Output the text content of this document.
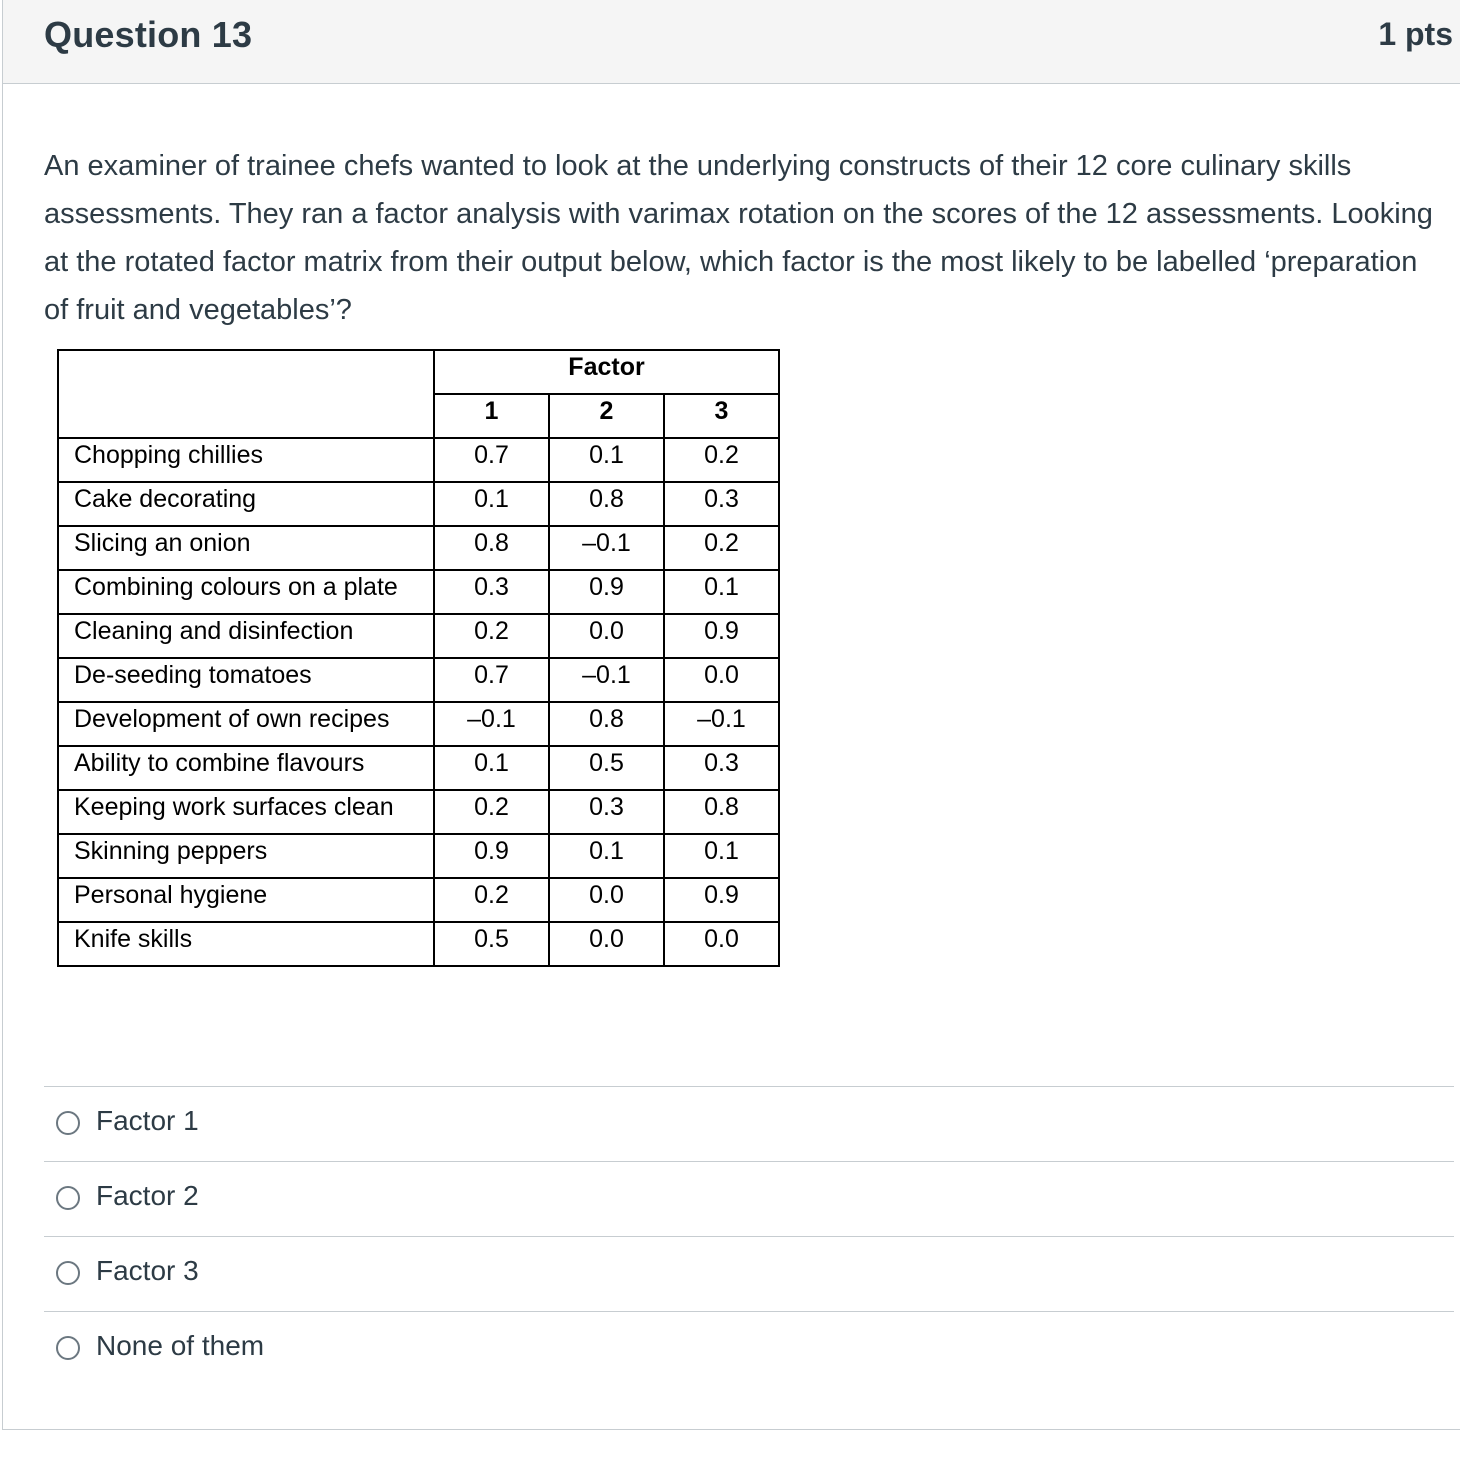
Question 13	1 pts
An examiner of trainee chefs wanted to look at the underlying constructs of their 12 core culinary skills assessments. They ran a factor analysis with varimax rotation on the scores of the 12 assessments. Looking at the rotated factor matrix from their output below, which factor is the most likely to be labelled ‘preparation of fruit and vegetables’?
	Factor		
	1	2	3
Chopping chillies	0.7	0.1	0.2
Cake decorating	0.1	0.8	0.3
Slicing an onion	0.8	–0.1	0.2
Combining colours on a plate	0.3	0.9	0.1
Cleaning and disinfection	0.2	0.0	0.9
De-seeding tomatoes	0.7	–0.1	0.0
Development of own recipes	–0.1	0.8	–0.1
Ability to combine flavours	0.1	0.5	0.3
Keeping work surfaces clean	0.2	0.3	0.8
Skinning peppers	0.9	0.1	0.1
Personal hygiene	0.2	0.0	0.9
Knife skills	0.5	0.0	0.0
Factor 1
Factor 2
Factor 3
None of them
